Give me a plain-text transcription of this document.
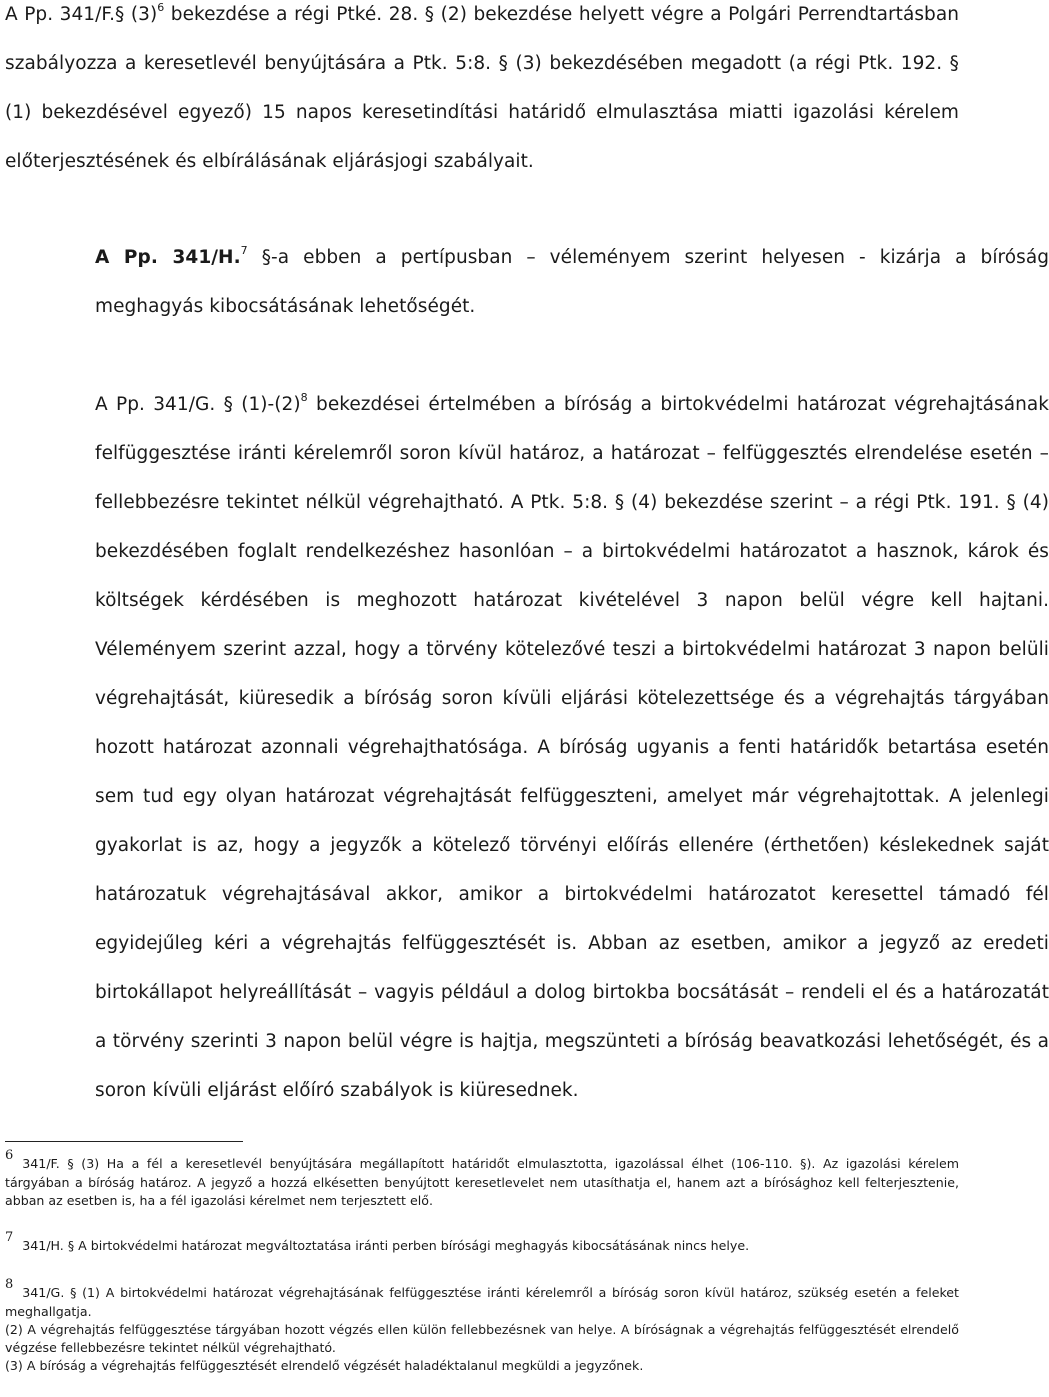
A Pp. 341/F.§ $(3)^6$ bekezdése a régi Ptké. 28. § (2) bekezdése helyett végre a Polgári Perrendtartásban szabályozza a keresetlevél benyújtására a Ptk. 5:8. § (3) bekezdésében megadott (a régi Ptk. 192. § (1) bekezdésével egyező) 15 napos keresetindítási határidő elmulasztása miatti igazolási kérelem előterjesztésének és elbírálásának eljárásjogi szabályait.

A Pp. 341/H.$^7$ §-a ebben a pertípusban – véleményem szerint helyesen - kizárja a bíróság meghagyás kibocsátásának lehetőségét.

A Pp. 341/G. § $(1)-(2)^8$ bekezdései értelmében a bíróság a birtokvédelmi határozat végrehajtásának felfüggesztése iránti kérelemről soron kívül határoz, a határozat – felfüggesztés elrendelése esetén – fellebbezésre tekintet nélkül végrehajtható. A Ptk. 5:8. § (4) bekezdése szerint – a régi Ptk. 191. § (4) bekezdésében foglalt rendelkezéshez hasonlóan – a birtokvédelmi határozatot a hasznok, károk és költségek kérdésében is meghozott határozat kivételével 3 napon belül végre kell hajtani. Véleményem szerint azzal, hogy a törvény kötelezővé teszi a birtokvédelmi határozat 3 napon belüli végrehajtását, kiüresedik a bíróság soron kívüli eljárási kötelezettsége és a végrehajtás tárgyában hozott határozat azonnali végrehajthatósága. A bíróság ugyanis a fenti határidők betartása esetén sem tud egy olyan határozat végrehajtását felfüggeszteni, amelyet már végrehajtottak. A jelenlegi gyakorlat is az, hogy a jegyzők a kötelező törvényi előírás ellenére (érthetően) késlekednek saját határozatuk végrehajtásával akkor, amikor a birtokvédelmi határozatot keresettel támadó fél egyidejűleg kéri a végrehajtás felfüggesztését is. Abban az esetben, amikor a jegyző az eredeti birtokállapot helyreállítását – vagyis például a dolog birtokba bocsátását – rendeli el és a határozatát a törvény szerinti 3 napon belül végre is hajtja, megszünteti a bíróság beavatkozási lehetőségét, és a soron kívüli eljárást előíró szabályok is kiüresednek.

6341/F. § (3) Ha a fél a keresetlevél benyújtására megállapított határidőt elmulasztotta, igazolással élhet (106-110. §). Az igazolási kérelem tárgyában a bíróság határoz. A jegyző a hozzá elkésetten benyújtott keresetlevelet nem utasíthatja el, hanem azt a bírósághoz kell felterjesztenie, abban az esetben is, ha a fél igazolási kérelmet nem terjesztett elő.
7341/H. § A birtokvédelmi határozat megváltoztatása iránti perben bírósági meghagyás kibocsátásának nincs helye.
8341/G. § (1) A birtokvédelmi határozat végrehajtásának felfüggesztése iránti kérelemről a bíróság soron kívül határoz, szükség esetén a feleket meghallgatja.
(2) A végrehajtás felfüggesztése tárgyában hozott végzés ellen külön fellebbezésnek van helye. A bíróságnak a végrehajtás felfüggesztését elrendelő végzése fellebbezésre tekintet nélkül végrehajtható.
(3) A bíróság a végrehajtás felfüggesztését elrendelő végzését haladéktalanul megküldi a jegyzőnek.
